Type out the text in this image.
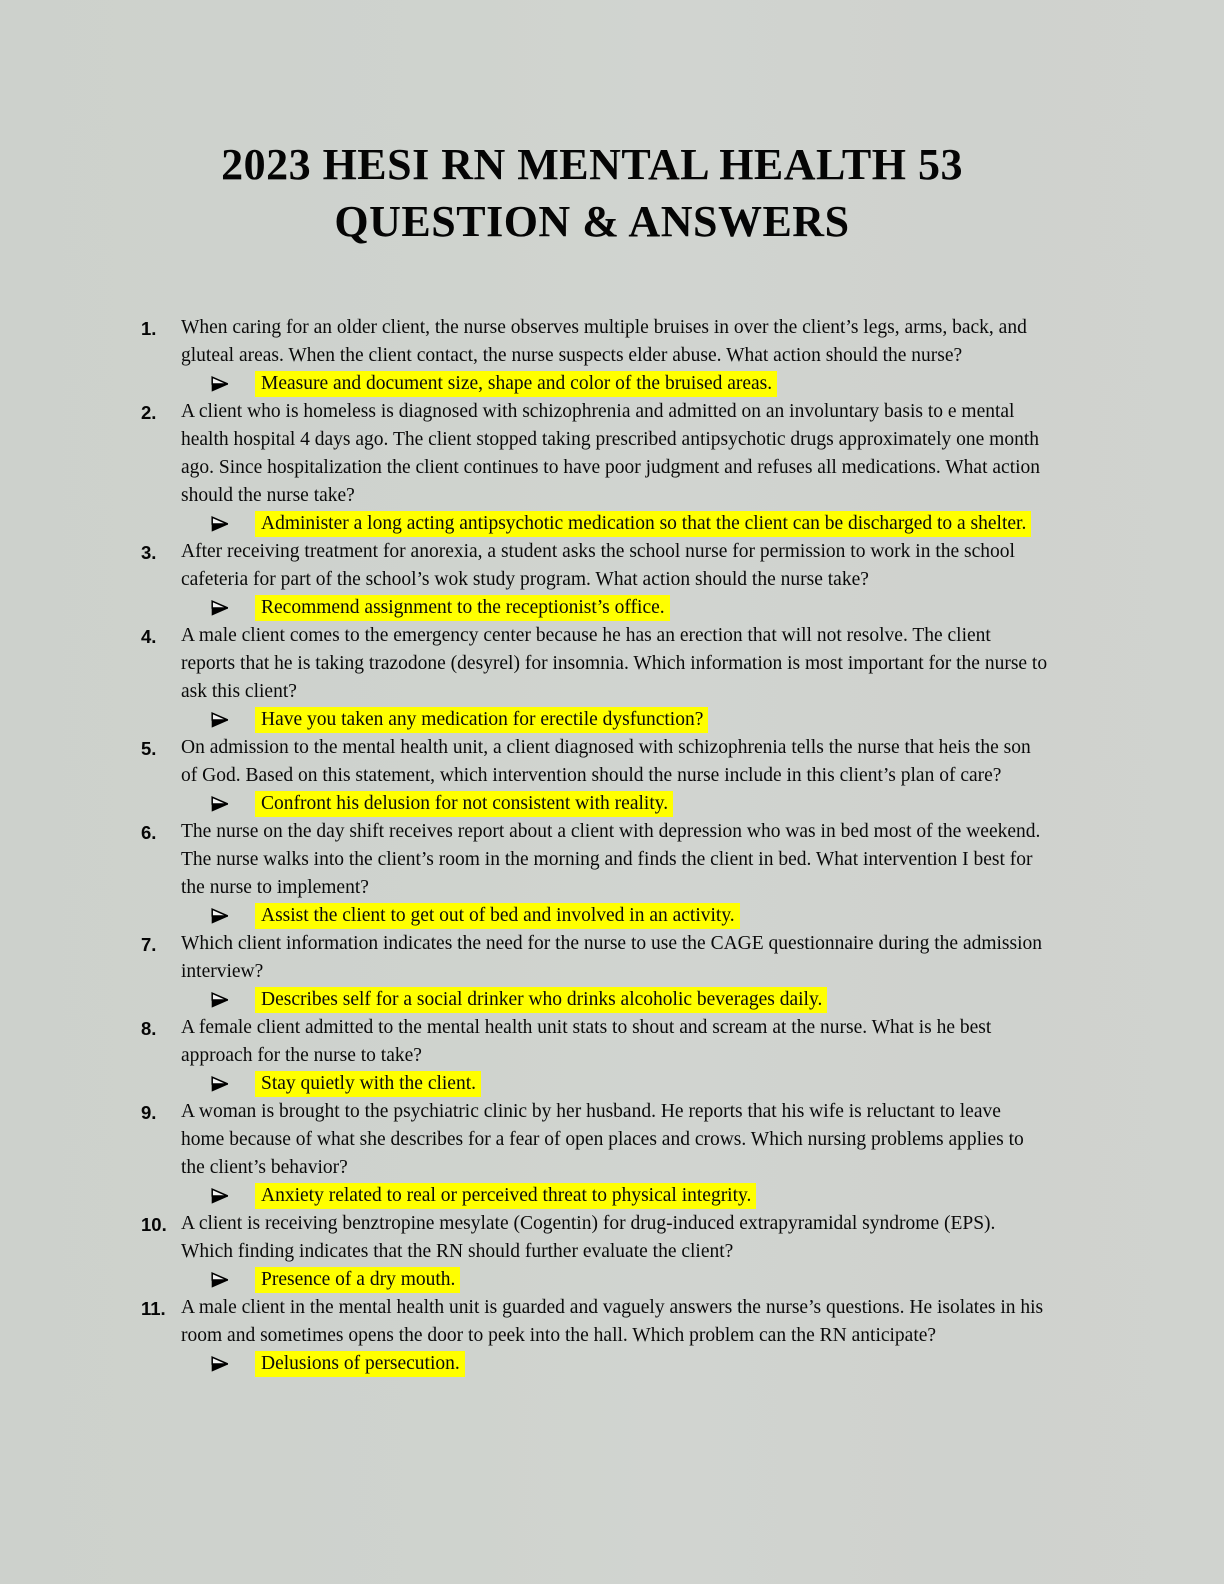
2023 HESI RN MENTAL HEALTH 53
QUESTION & ANSWERS
1. When caring for an older client, the nurse observes multiple bruises in over the client’s legs, arms, back, and gluteal areas. When the client contact, the nurse suspects elder abuse. What action should the nurse?
Measure and document size, shape and color of the bruised areas.
2. A client who is homeless is diagnosed with schizophrenia and admitted on an involuntary basis to e mental health hospital 4 days ago. The client stopped taking prescribed antipsychotic drugs approximately one month ago. Since hospitalization the client continues to have poor judgment and refuses all medications. What action should the nurse take?
Administer a long acting antipsychotic medication so that the client can be discharged to a shelter.
3. After receiving treatment for anorexia, a student asks the school nurse for permission to work in the school cafeteria for part of the school’s wok study program. What action should the nurse take?
Recommend assignment to the receptionist’s office.
4. A male client comes to the emergency center because he has an erection that will not resolve. The client reports that he is taking trazodone (desyrel) for insomnia. Which information is most important for the nurse to ask this client?
Have you taken any medication for erectile dysfunction?
5. On admission to the mental health unit, a client diagnosed with schizophrenia tells the nurse that heis the son of God. Based on this statement, which intervention should the nurse include in this client’s plan of care?
Confront his delusion for not consistent with reality.
6. The nurse on the day shift receives report about a client with depression who was in bed most of the weekend. The nurse walks into the client’s room in the morning and finds the client in bed. What intervention I best for the nurse to implement?
Assist the client to get out of bed and involved in an activity.
7. Which client information indicates the need for the nurse to use the CAGE questionnaire during the admission interview?
Describes self for a social drinker who drinks alcoholic beverages daily.
8. A female client admitted to the mental health unit stats to shout and scream at the nurse. What is he best approach for the nurse to take?
Stay quietly with the client.
9. A woman is brought to the psychiatric clinic by her husband. He reports that his wife is reluctant to leave home because of what she describes for a fear of open places and crows. Which nursing problems applies to the client’s behavior?
Anxiety related to real or perceived threat to physical integrity.
10. A client is receiving benztropine mesylate (Cogentin) for drug-induced extrapyramidal syndrome (EPS). Which finding indicates that the RN should further evaluate the client?
Presence of a dry mouth.
11. A male client in the mental health unit is guarded and vaguely answers the nurse’s questions. He isolates in his room and sometimes opens the door to peek into the hall. Which problem can the RN anticipate?
Delusions of persecution.
